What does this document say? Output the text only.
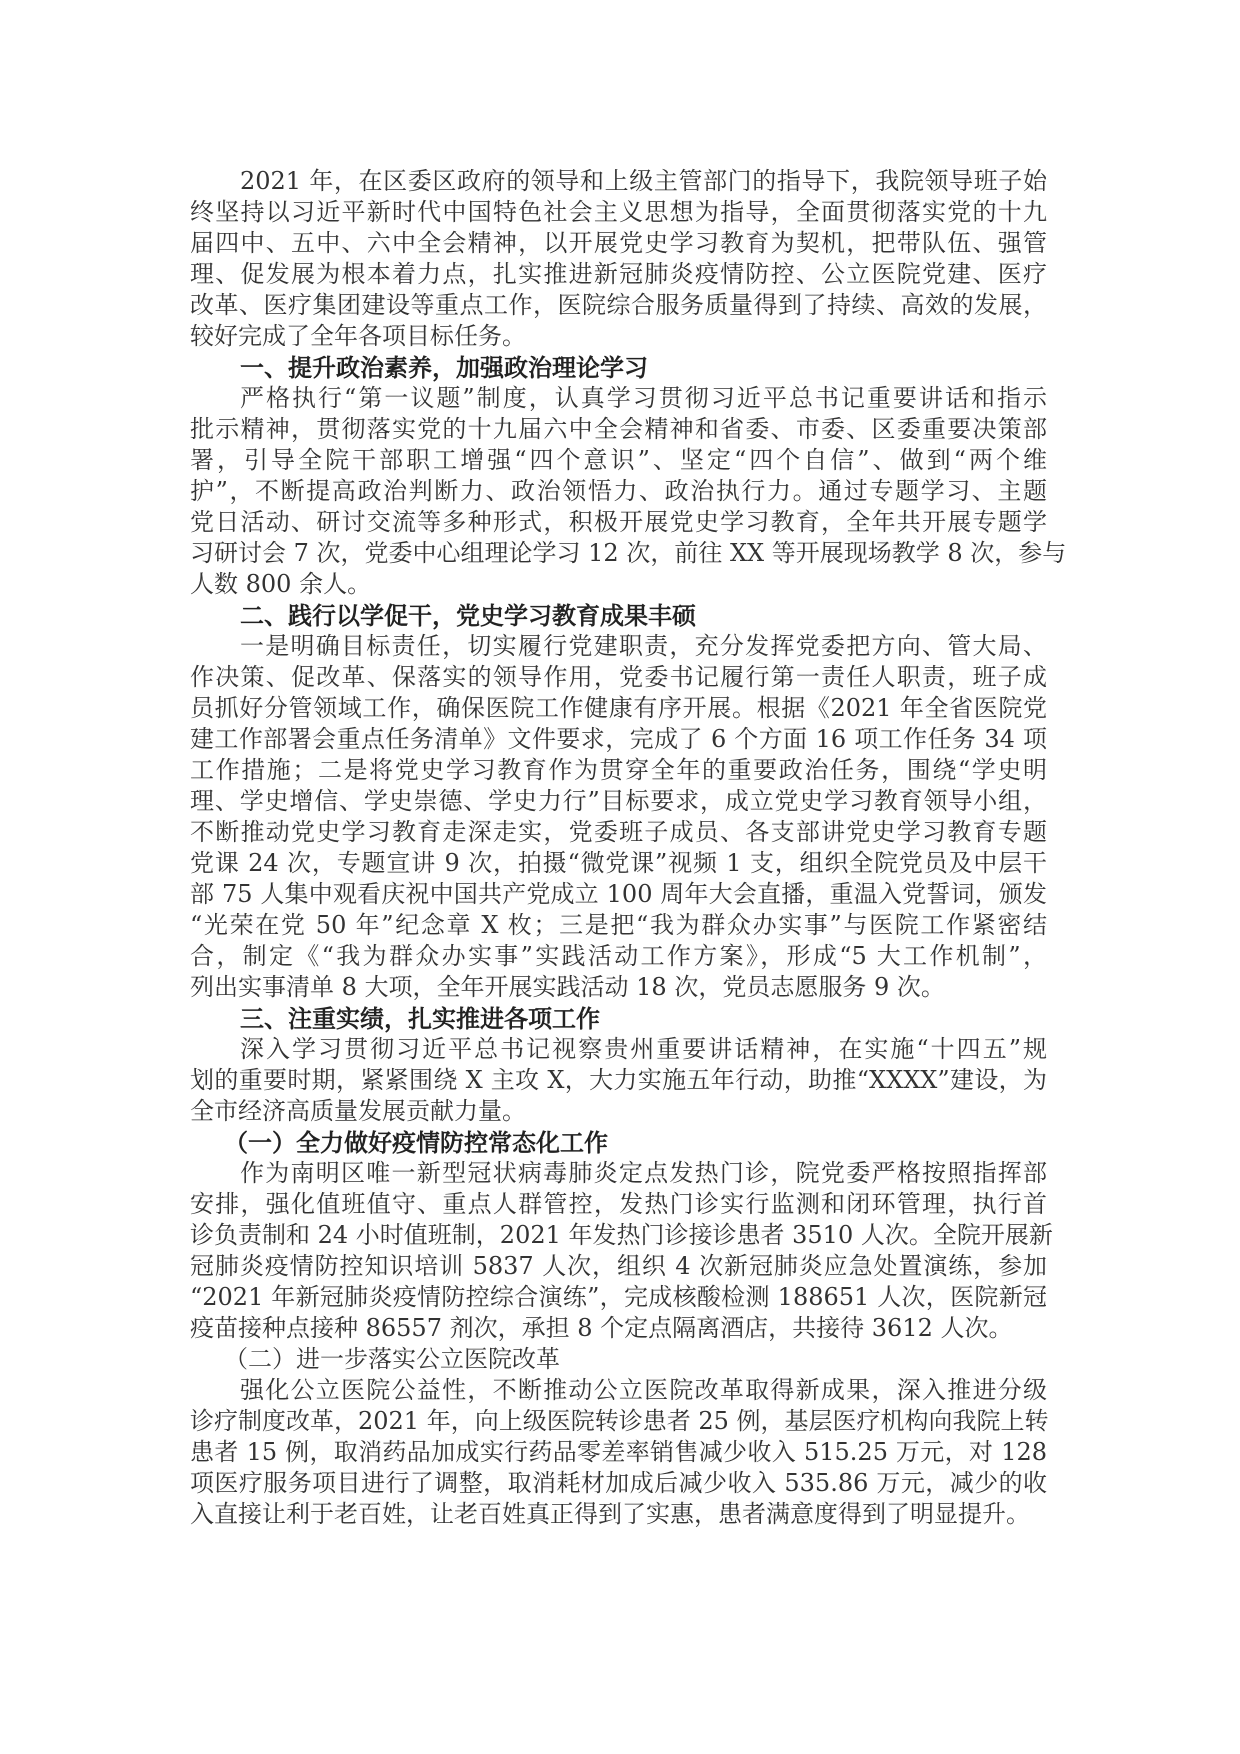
2021 年，在区委区政府的领导和上级主管部门的指导下，我院领导班子始
终坚持以习近平新时代中国特色社会主义思想为指导，全面贯彻落实党的十九
届四中、五中、六中全会精神，以开展党史学习教育为契机，把带队伍、强管
理、促发展为根本着力点，扎实推进新冠肺炎疫情防控、公立医院党建、医疗
改革、医疗集团建设等重点工作，医院综合服务质量得到了持续、高效的发展，
较好完成了全年各项目标任务。
一、提升政治素养，加强政治理论学习
严格执行“第一议题”制度，认真学习贯彻习近平总书记重要讲话和指示
批示精神，贯彻落实党的十九届六中全会精神和省委、市委、区委重要决策部
署，引导全院干部职工增强“四个意识”、坚定“四个自信”、做到“两个维
护”，不断提高政治判断力、政治领悟力、政治执行力。通过专题学习、主题
党日活动、研讨交流等多种形式，积极开展党史学习教育，全年共开展专题学
习研讨会 7 次，党委中心组理论学习 12 次，前往 XX 等开展现场教学 8 次，参与
人数 800 余人。
二、践行以学促干，党史学习教育成果丰硕
一是明确目标责任，切实履行党建职责，充分发挥党委把方向、管大局、
作决策、促改革、保落实的领导作用，党委书记履行第一责任人职责，班子成
员抓好分管领域工作，确保医院工作健康有序开展。根据《2021 年全省医院党
建工作部署会重点任务清单》文件要求，完成了 6 个方面 16 项工作任务 34 项
工作措施；二是将党史学习教育作为贯穿全年的重要政治任务，围绕“学史明
理、学史增信、学史崇德、学史力行”目标要求，成立党史学习教育领导小组，
不断推动党史学习教育走深走实，党委班子成员、各支部讲党史学习教育专题
党课 24 次，专题宣讲 9 次，拍摄“微党课”视频 1 支，组织全院党员及中层干
部 75 人集中观看庆祝中国共产党成立 100 周年大会直播，重温入党誓词，颁发
“光荣在党 50 年”纪念章 X 枚；三是把“我为群众办实事”与医院工作紧密结
合，制定《“我为群众办实事”实践活动工作方案》，形成“5 大工作机制”，
列出实事清单 8 大项，全年开展实践活动 18 次，党员志愿服务 9 次。
三、注重实绩，扎实推进各项工作
深入学习贯彻习近平总书记视察贵州重要讲话精神，在实施“十四五”规
划的重要时期，紧紧围绕 X 主攻 X，大力实施五年行动，助推“XXXX”建设，为
全市经济高质量发展贡献力量。
（一）全力做好疫情防控常态化工作
作为南明区唯一新型冠状病毒肺炎定点发热门诊，院党委严格按照指挥部
安排，强化值班值守、重点人群管控，发热门诊实行监测和闭环管理，执行首
诊负责制和 24 小时值班制，2021 年发热门诊接诊患者 3510 人次。全院开展新
冠肺炎疫情防控知识培训 5837 人次，组织 4 次新冠肺炎应急处置演练，参加
“2021 年新冠肺炎疫情防控综合演练”，完成核酸检测 188651 人次，医院新冠
疫苗接种点接种 86557 剂次，承担 8 个定点隔离酒店，共接待 3612 人次。
（二）进一步落实公立医院改革
强化公立医院公益性，不断推动公立医院改革取得新成果，深入推进分级
诊疗制度改革，2021 年，向上级医院转诊患者 25 例，基层医疗机构向我院上转
患者 15 例，取消药品加成实行药品零差率销售减少收入 515.25 万元，对 128
项医疗服务项目进行了调整，取消耗材加成后减少收入 535.86 万元，减少的收
入直接让利于老百姓，让老百姓真正得到了实惠，患者满意度得到了明显提升。
